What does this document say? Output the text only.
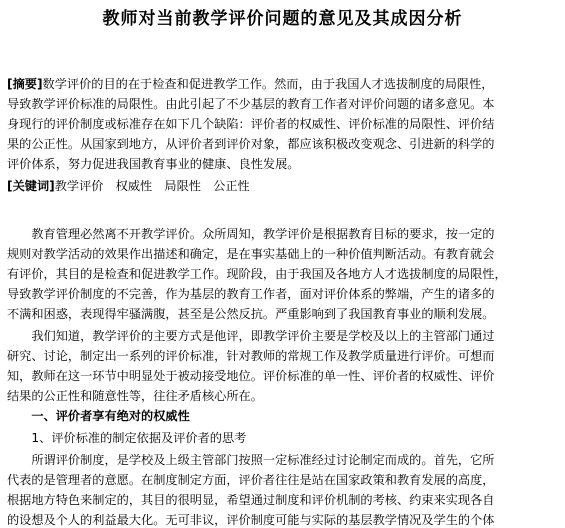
教师对当前教学评价问题的意见及其成因分析
[摘要]数学评价的目的在于检查和促进教学工作。然而，由于我国人才选拔制度的局限性，
导致教学评价标准的局限性。由此引起了不少基层的教育工作者对评价问题的诸多意见。本
身现行的评价制度或标准存在如下几个缺陷：评价者的权威性、评价标准的局限性、评价结
果的公正性。从国家到地方，从评价者到评价对象，都应该积极改变观念、引进新的科学的
评价体系，努力促进我国教育事业的健康、良性发展。
[关键词]教学评价　权威性　局限性　公正性
　　教育管理必然离不开教学评价。众所周知，教学评价是根据教育目标的要求，按一定的
规则对教学活动的效果作出描述和确定，是在事实基础上的一种价值判断活动。有教育就会
有评价，其目的是检查和促进教学工作。现阶段，由于我国及各地方人才选拔制度的局限性，
导致教学评价制度的不完善，作为基层的教育工作者，面对评价体系的弊端，产生的诸多的
不满和困惑，表现得牢骚满腹，甚至是公然反抗。严重影响到了我国教育事业的顺利发展。
　　我们知道，教学评价的主要方式是他评，即教学评价主要是学校及以上的主管部门通过
研究、讨论，制定出一系列的评价标准，针对教师的常规工作及教学质量进行评价。可想而
知，教师在这一环节中明显处于被动接受地位。评价标准的单一性、评价者的权威性、评价
结果的公正性和随意性等，往往矛盾核心所在。
　　一、评价者享有绝对的权威性
　　1、评价标准的制定依据及评价者的思考
　　所谓评价制度，是学校及上级主管部门按照一定标准经过讨论制定而成的。首先，它所
代表的是管理者的意愿。在制度制定方面，评价者往往是站在国家政策和教育发展的高度，
根据地方特色来制定的，其目的很明显，希望通过制度和评价机制的考核、约束来实现各自
的设想及个人的利益最大化。无可非议，评价制度可能与实际的基层教学情况及学生的个体
